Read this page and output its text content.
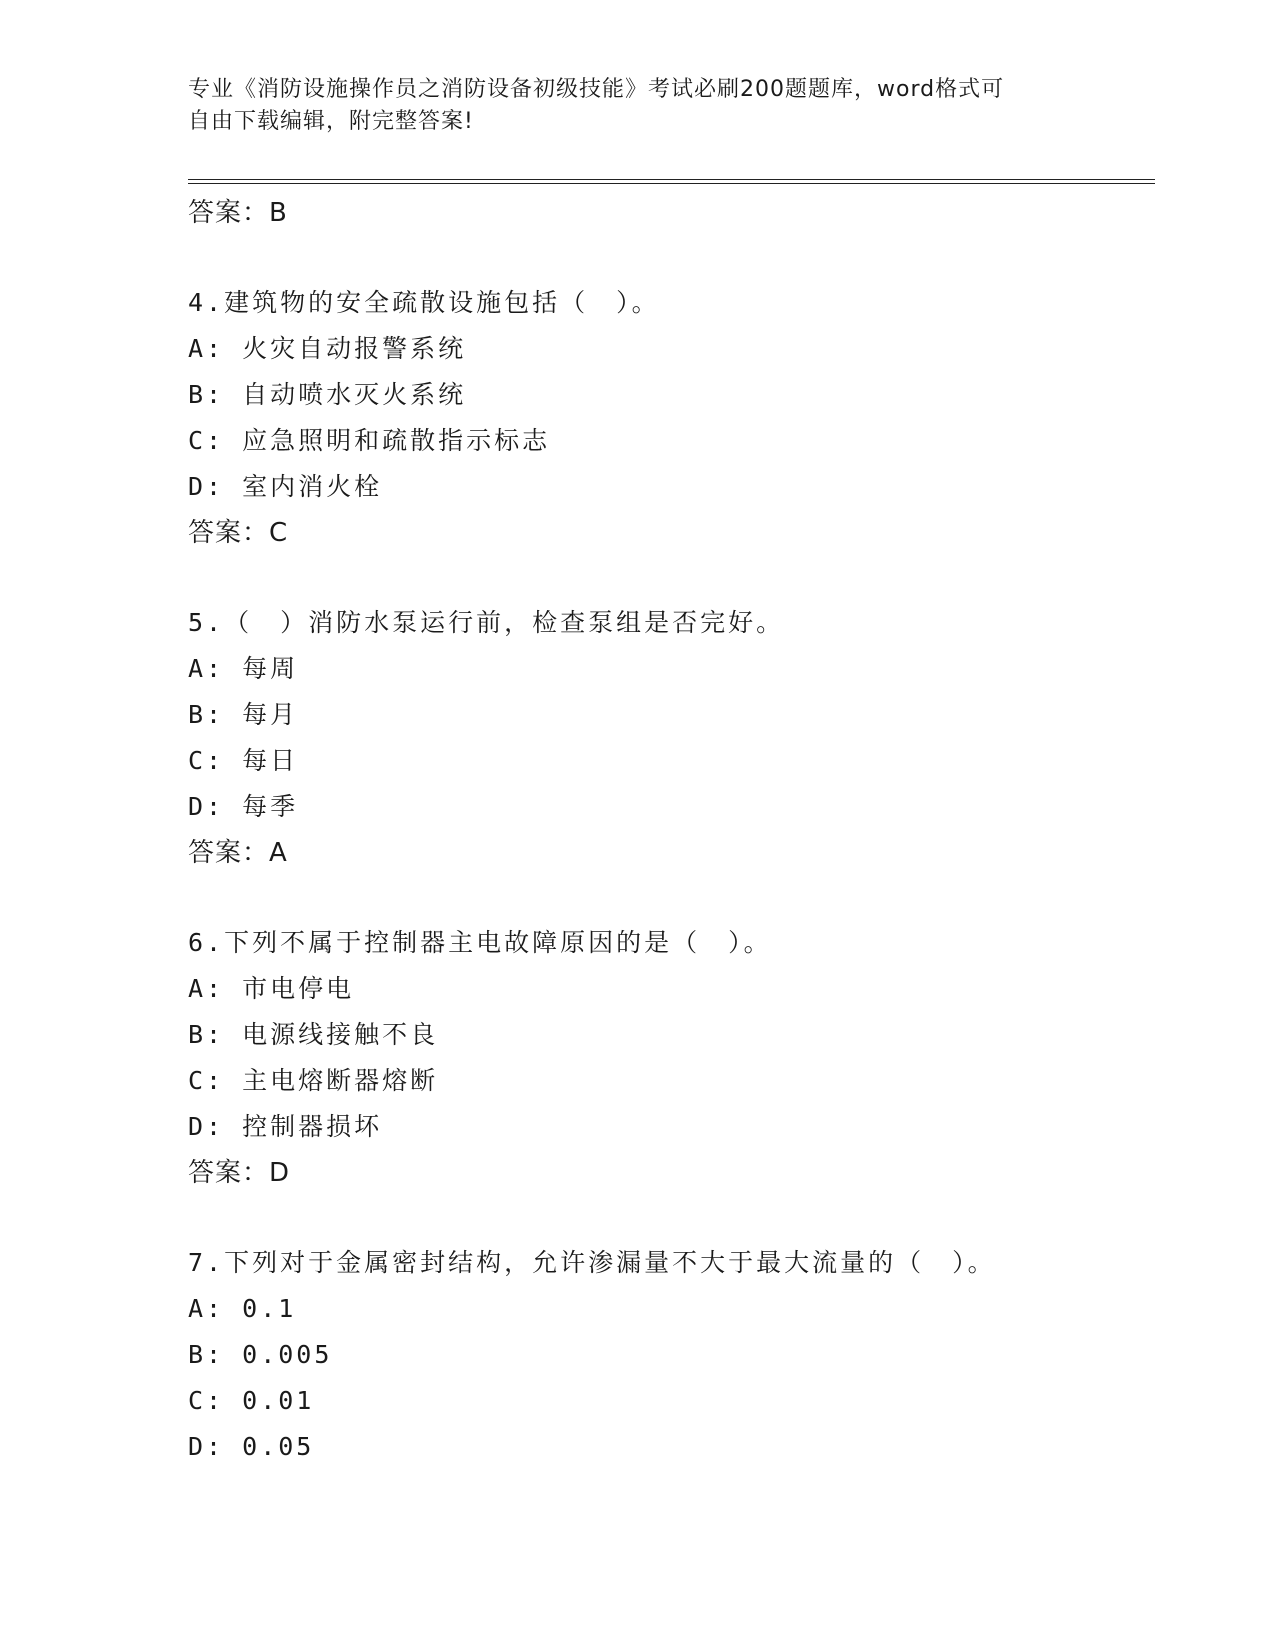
专业《消防设施操作员之消防设备初级技能》考试必刷200题题库，word格式可
自由下载编辑，附完整答案!
答案：B
4.建筑物的安全疏散设施包括（　）。
A: 火灾自动报警系统
B: 自动喷水灭火系统
C: 应急照明和疏散指示标志
D: 室内消火栓
答案：C
5.（　）消防水泵运行前，检查泵组是否完好。
A: 每周
B: 每月
C: 每日
D: 每季
答案：A
6.下列不属于控制器主电故障原因的是（　）。
A: 市电停电
B: 电源线接触不良
C: 主电熔断器熔断
D: 控制器损坏
答案：D
7.下列对于金属密封结构，允许渗漏量不大于最大流量的（　）。
A: 0.1
B: 0.005
C: 0.01
D: 0.05
